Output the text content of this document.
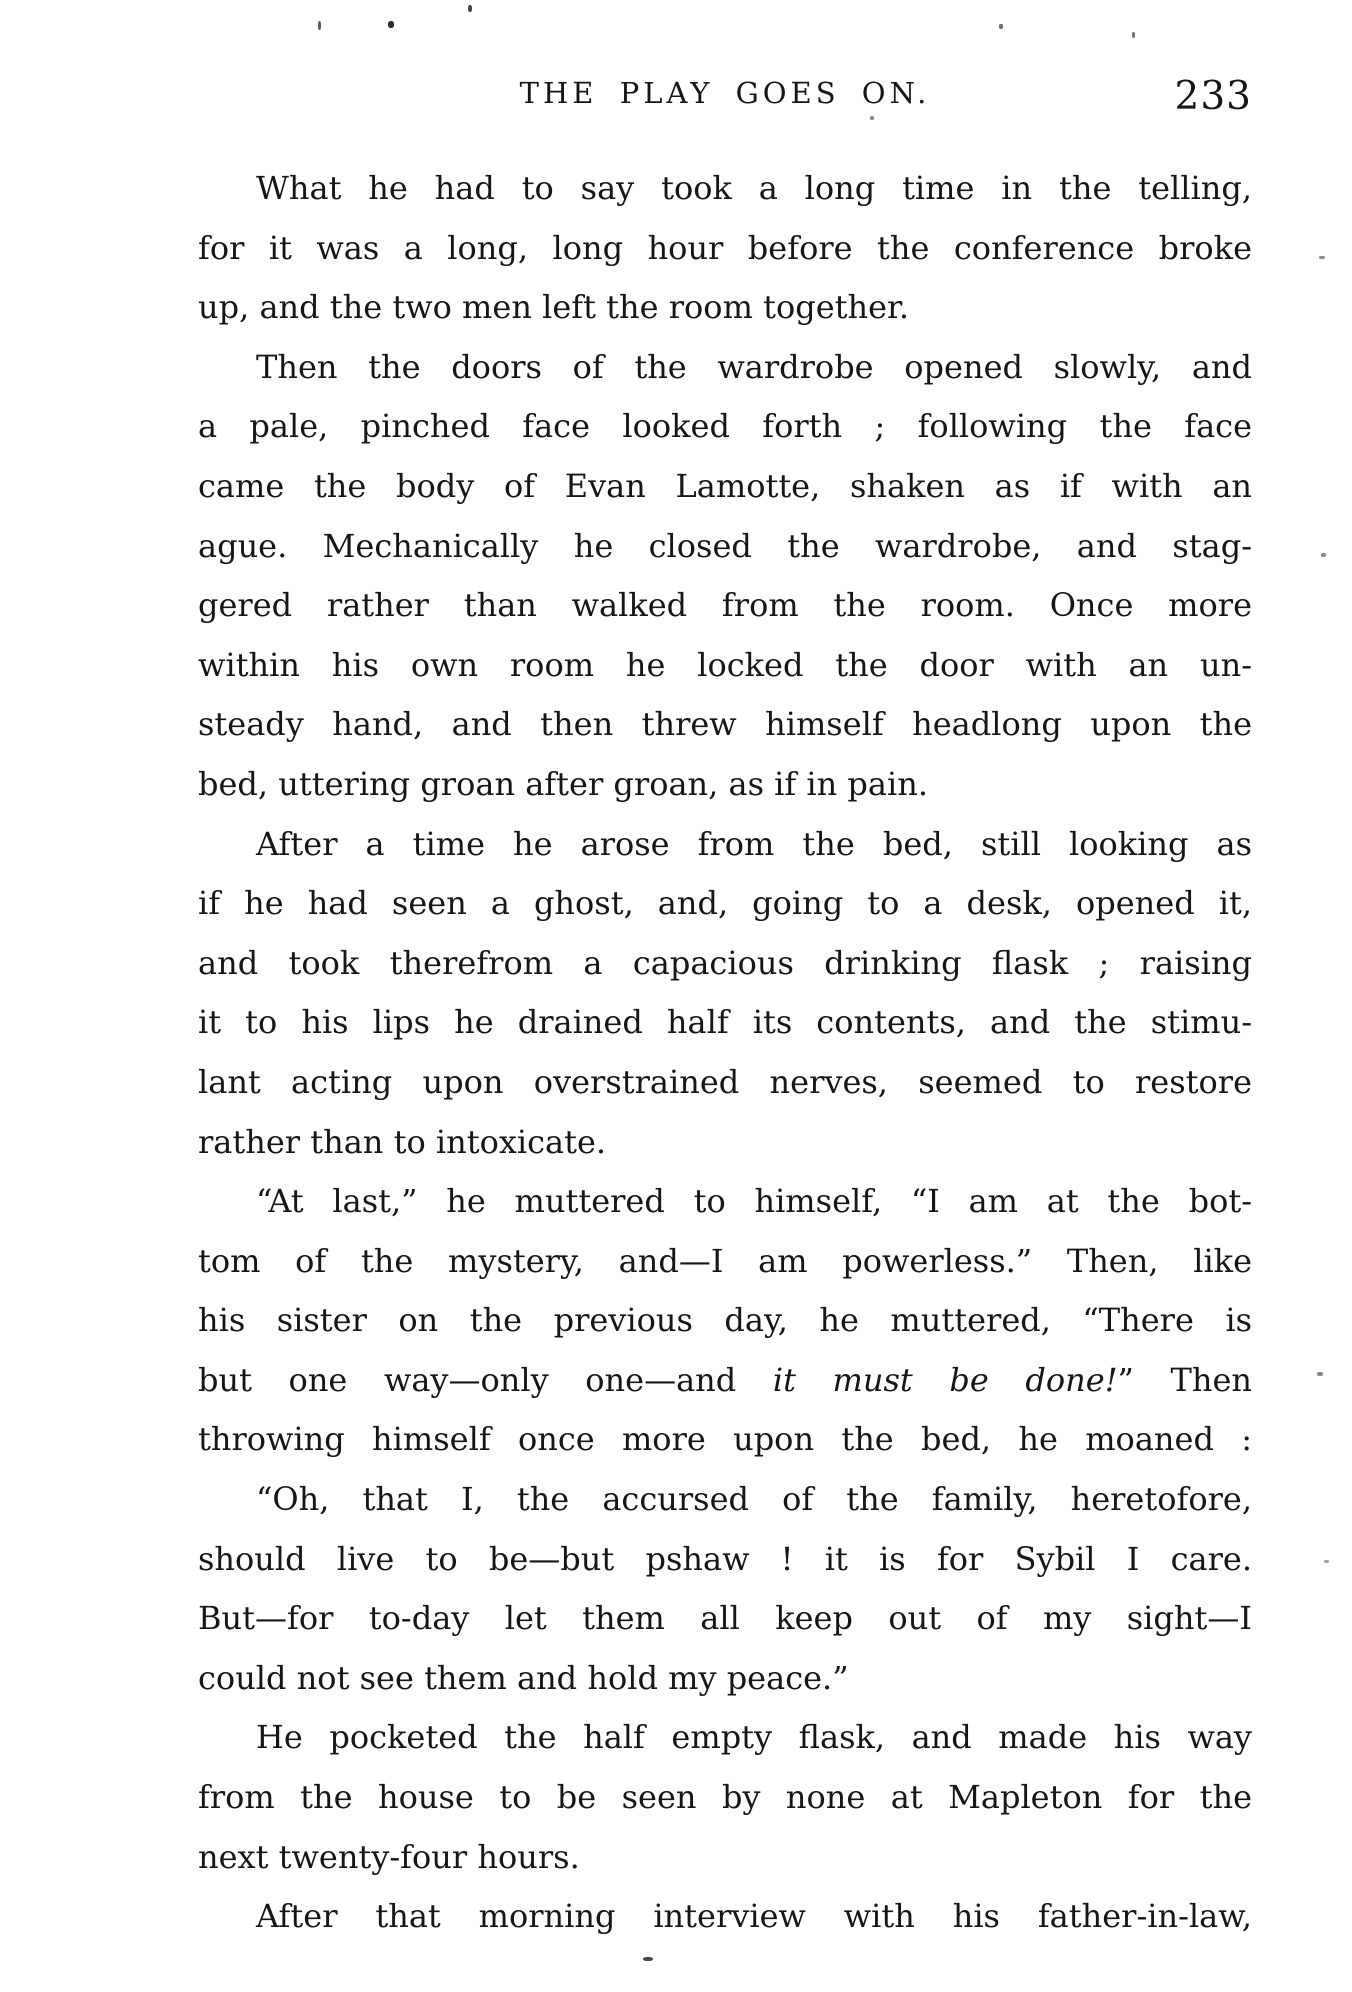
THE PLAY GOES ON.	233
What he had to say took a long time in the telling,
for it was a long, long hour before the conference broke
up, and the two men left the room together.
Then the doors of the wardrobe opened slowly, and
a pale, pinched face looked forth ; following the face
came the body of Evan Lamotte, shaken as if with an
ague. Mechanically he closed the wardrobe, and stag-
gered rather than walked from the room. Once more
within his own room he locked the door with an un-
steady hand, and then threw himself headlong upon the
bed, uttering groan after groan, as if in pain.
After a time he arose from the bed, still looking as
if he had seen a ghost, and, going to a desk, opened it,
and took therefrom a capacious drinking flask ; raising
it to his lips he drained half its contents, and the stimu-
lant acting upon overstrained nerves, seemed to restore
rather than to intoxicate.
“At last,” he muttered to himself, “I am at the bot-
tom of the mystery, and—I am powerless.” Then, like
his sister on the previous day, he muttered, “There is
but one way—only one—and it must be done!” Then
throwing himself once more upon the bed, he moaned :
“Oh, that I, the accursed of the family, heretofore,
should live to be—but pshaw ! it is for Sybil I care.
But—for to-day let them all keep out of my sight—I
could not see them and hold my peace.”
He pocketed the half empty flask, and made his way
from the house to be seen by none at Mapleton for the
next twenty-four hours.
After that morning interview with his father-in-law,
